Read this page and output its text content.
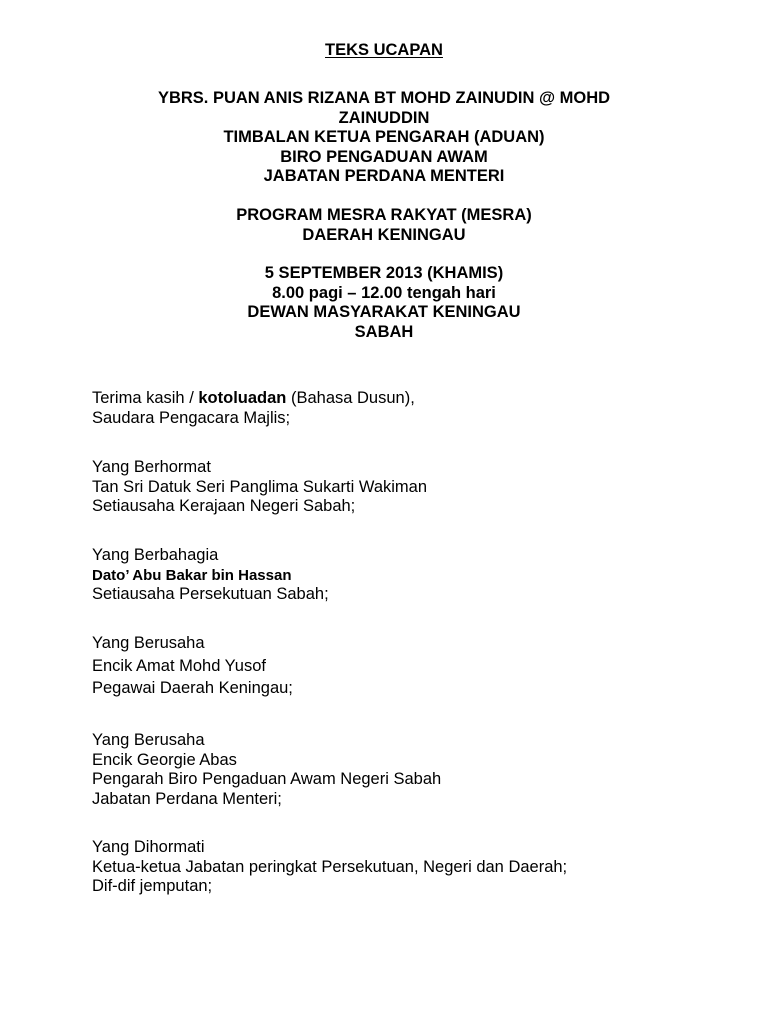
TEKS UCAPAN
YBRS. PUAN ANIS RIZANA BT MOHD ZAINUDIN @ MOHD
ZAINUDDIN
TIMBALAN KETUA PENGARAH (ADUAN)
BIRO PENGADUAN AWAM
JABATAN PERDANA MENTERI
PROGRAM MESRA RAKYAT (MESRA)
DAERAH KENINGAU
5 SEPTEMBER 2013 (KHAMIS)
8.00 pagi – 12.00 tengah hari
DEWAN MASYARAKAT KENINGAU
SABAH
Terima kasih / kotoluadan (Bahasa Dusun),
Saudara Pengacara Majlis;
Yang Berhormat
Tan Sri Datuk Seri Panglima Sukarti Wakiman
Setiausaha Kerajaan Negeri Sabah;
Yang Berbahagia
Dato’ Abu Bakar bin Hassan
Setiausaha Persekutuan Sabah;
Yang Berusaha
Encik Amat Mohd Yusof
Pegawai Daerah Keningau;
Yang Berusaha
Encik Georgie Abas
Pengarah Biro Pengaduan Awam Negeri Sabah
Jabatan Perdana Menteri;
Yang Dihormati
Ketua-ketua Jabatan peringkat Persekutuan, Negeri dan Daerah;
Dif-dif jemputan;
